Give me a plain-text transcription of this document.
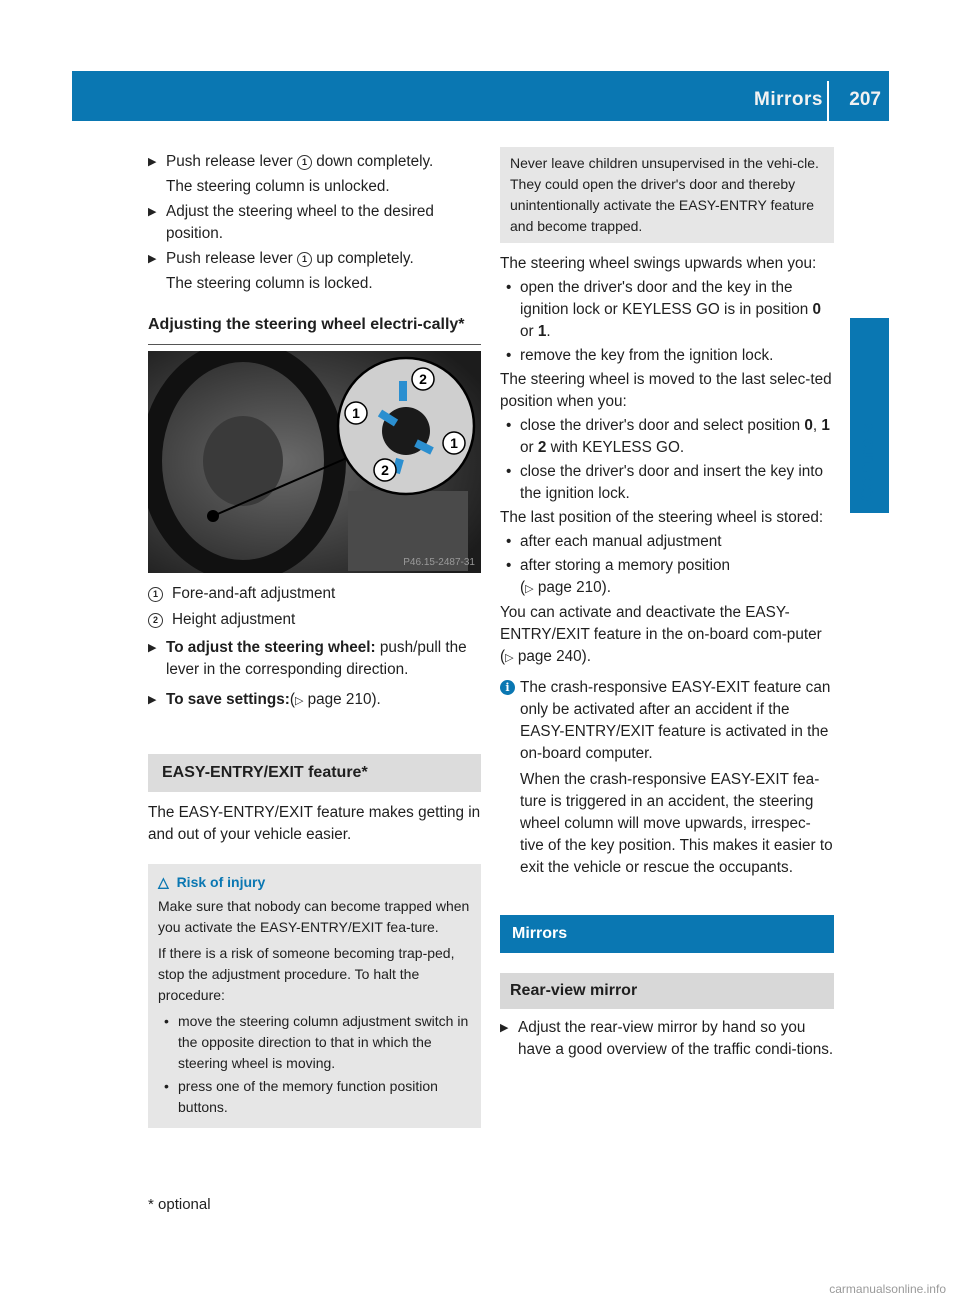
Mirrors 207
Controls
▶ Push release lever 1 down completely.
The steering column is unlocked.
▶ Adjust the steering wheel to the desired position.
▶ Push release lever 1 up completely.
The steering column is locked.
Adjusting the steering wheel electri-cally*
2
1
1
2
P46.15-2487-31
1 Fore-and-aft adjustment
2 Height adjustment
▶ To adjust the steering wheel: push/pull the lever in the corresponding direction.
▶ To save settings:(▷ page 210).
EASY-ENTRY/EXIT feature*
The EASY-ENTRY/EXIT feature makes getting in and out of your vehicle easier.
△ Risk of injury

Make sure that nobody can become trapped when you activate the EASY-ENTRY/EXIT fea-ture.

If there is a risk of someone becoming trap-ped, stop the adjustment procedure. To halt the procedure:

• move the steering column adjustment switch in the opposite direction to that in which the steering wheel is moving.
• press one of the memory function position buttons.
Never leave children unsupervised in the vehi-cle. They could open the driver's door and thereby unintentionally activate the EASY-ENTRY feature and become trapped.
The steering wheel swings upwards when you:
• open the driver's door and the key in the ignition lock or KEYLESS GO is in position 0 or 1.
• remove the key from the ignition lock.
The steering wheel is moved to the last selec-ted position when you:
• close the driver's door and select position 0, 1 or 2 with KEYLESS GO.
• close the driver's door and insert the key into the ignition lock.
The last position of the steering wheel is stored:
• after each manual adjustment
• after storing a memory position
(▷ page 210).
You can activate and deactivate the EASY-ENTRY/EXIT feature in the on-board com-puter (▷ page 240).
i The crash-responsive EASY-EXIT feature can only be activated after an accident if the EASY-ENTRY/EXIT feature is activated in the on-board computer.

When the crash-responsive EASY-EXIT fea-ture is triggered in an accident, the steering wheel column will move upwards, irrespec-tive of the key position. This makes it easier to exit the vehicle or rescue the occupants.

Mirrors
Rear-view mirror
▶ Adjust the rear-view mirror by hand so you have a good overview of the traffic condi-tions.
* optional
carmanualsonline.info
